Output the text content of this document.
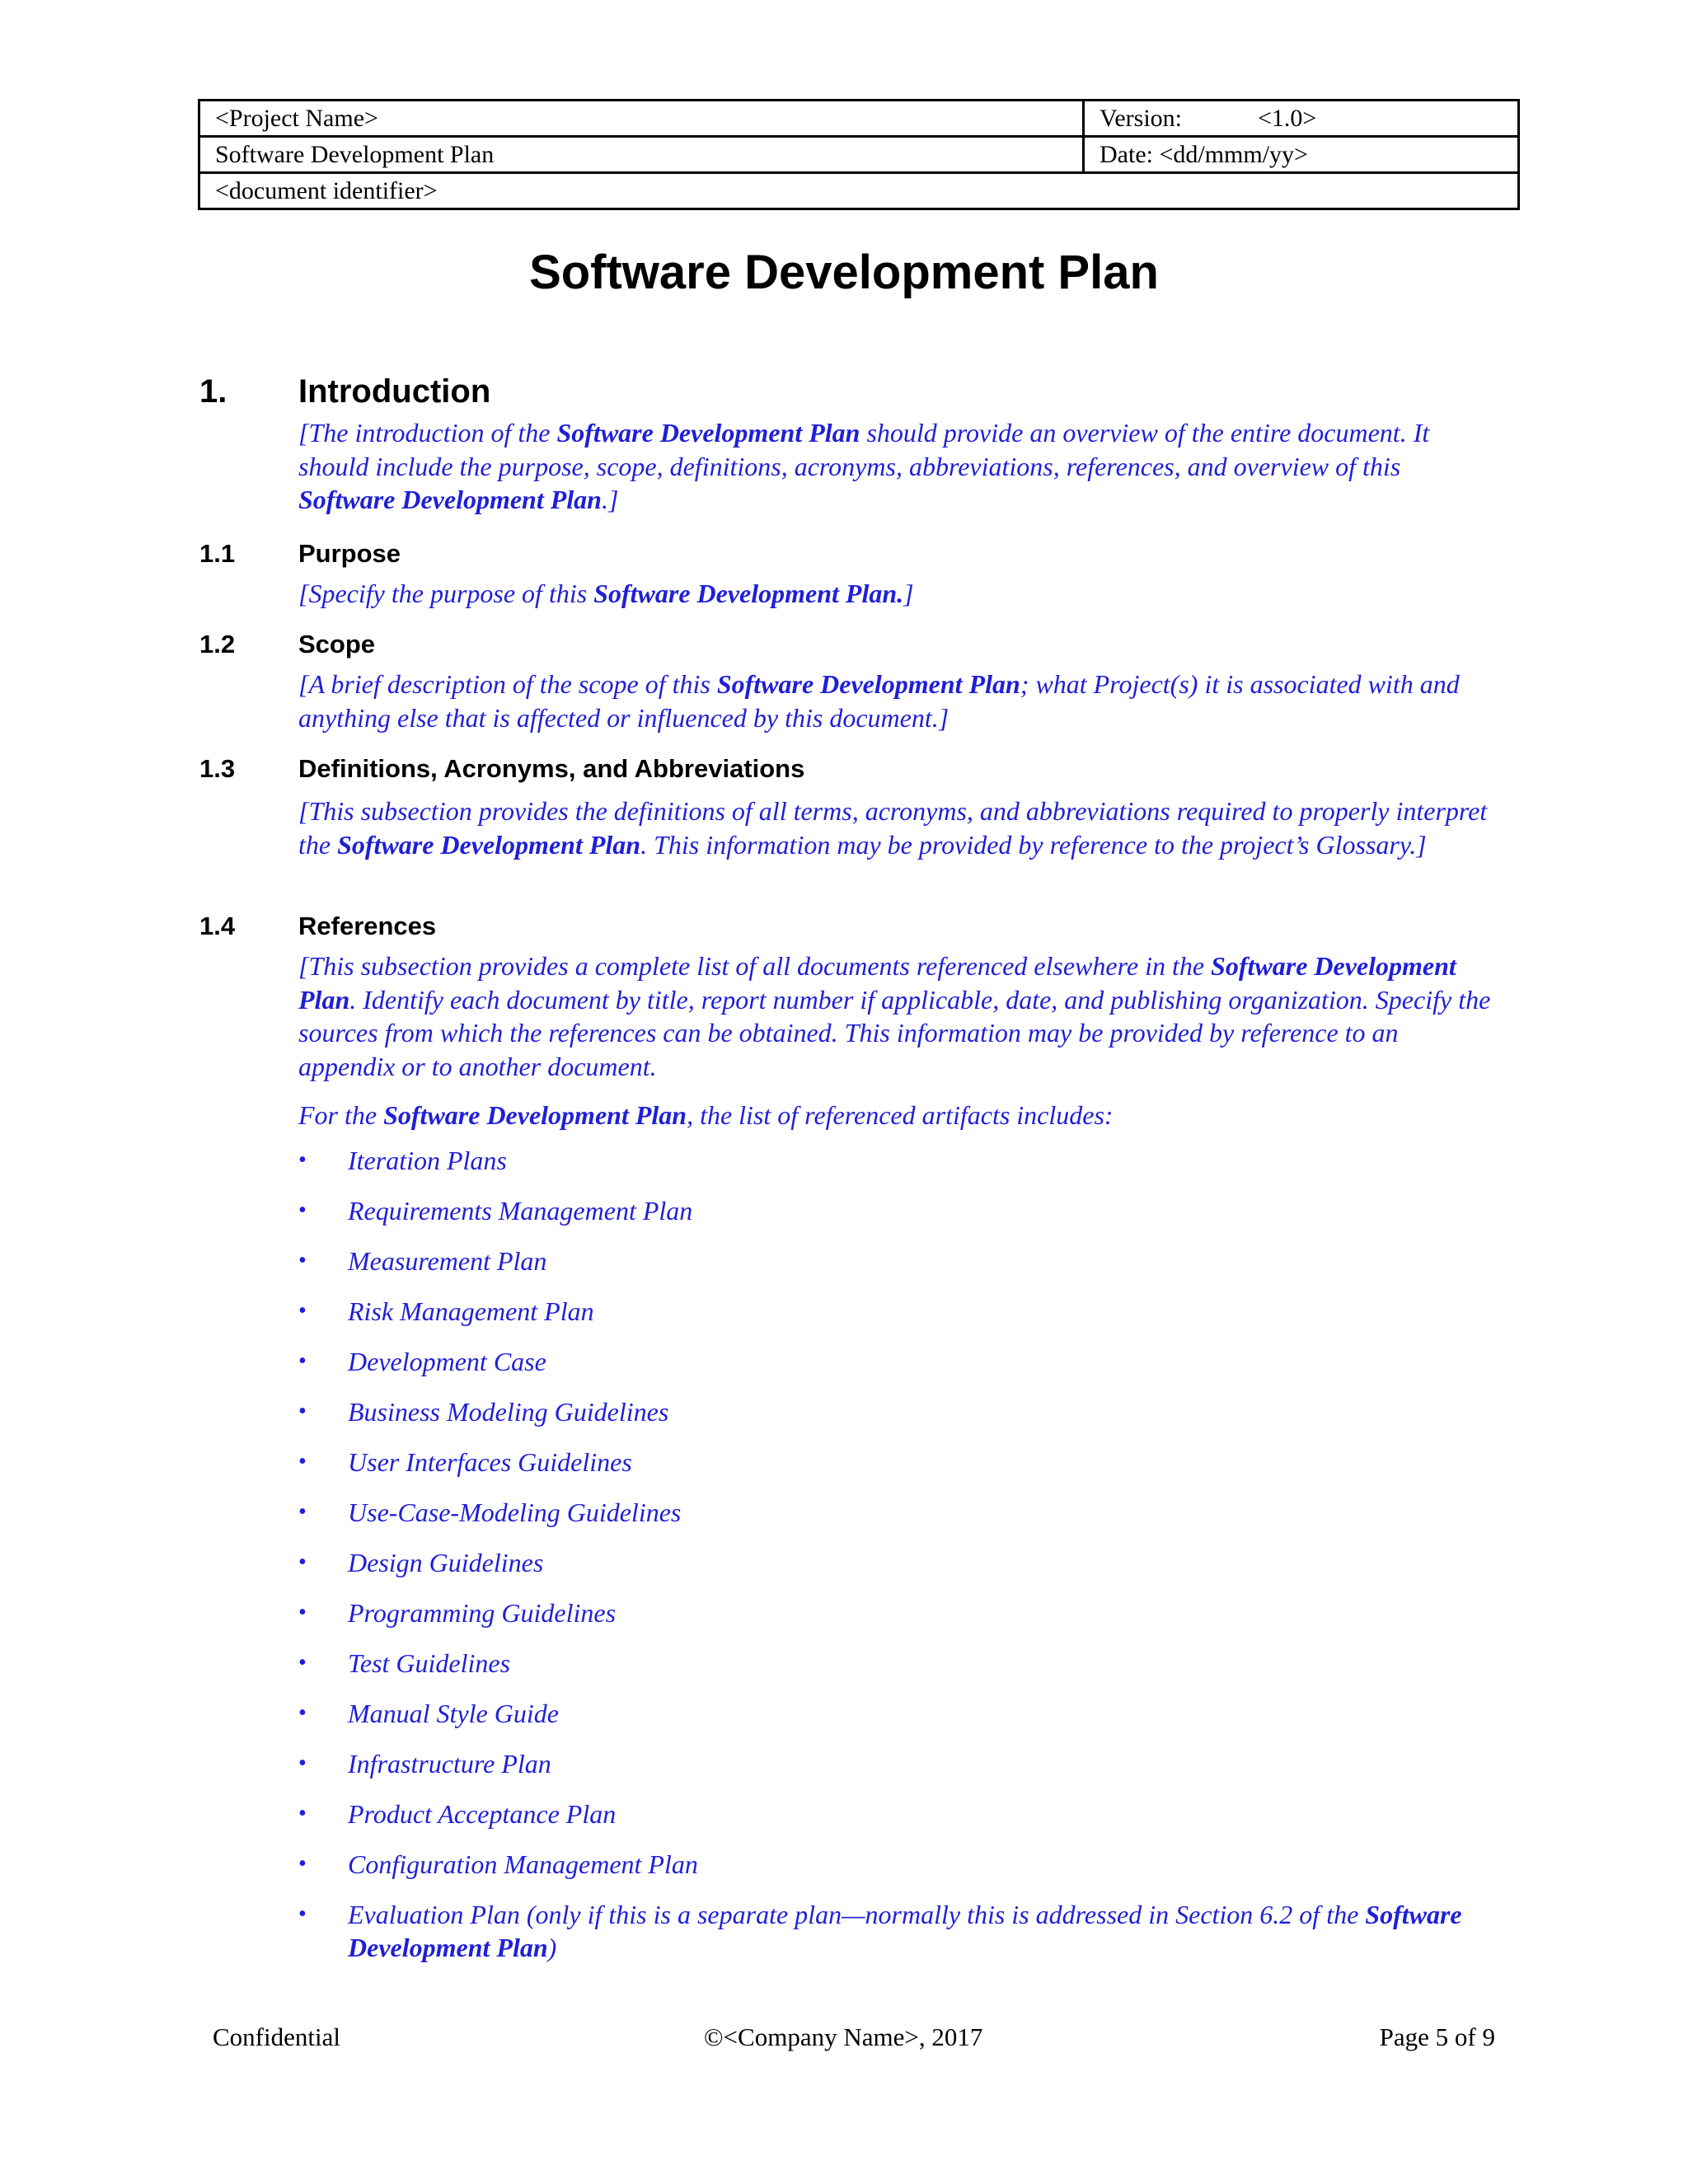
<Project Name>	Version: <1.0>
Software Development Plan	Date: <dd/mmm/yy>
<document identifier>	
Software Development Plan
1. Introduction
[The introduction of the Software Development Plan should provide an overview of the entire document. It should include the purpose, scope, definitions, acronyms, abbreviations, references, and overview of this Software Development Plan.]
1.1 Purpose
[Specify the purpose of this Software Development Plan.]
1.2 Scope
[A brief description of the scope of this Software Development Plan; what Project(s) it is associated with and anything else that is affected or influenced by this document.]
1.3 Definitions, Acronyms, and Abbreviations
[This subsection provides the definitions of all terms, acronyms, and abbreviations required to properly interpret the Software Development Plan. This information may be provided by reference to the project’s Glossary.]
1.4 References
[This subsection provides a complete list of all documents referenced elsewhere in the Software Development Plan. Identify each document by title, report number if applicable, date, and publishing organization. Specify the sources from which the references can be obtained. This information may be provided by reference to an appendix or to another document.
For the Software Development Plan, the list of referenced artifacts includes:
• Iteration Plans
• Requirements Management Plan
• Measurement Plan
• Risk Management Plan
• Development Case
• Business Modeling Guidelines
• User Interfaces Guidelines
• Use-Case-Modeling Guidelines
• Design Guidelines
• Programming Guidelines
• Test Guidelines
• Manual Style Guide
• Infrastructure Plan
• Product Acceptance Plan
• Configuration Management Plan
• Evaluation Plan (only if this is a separate plan—normally this is addressed in Section 6.2 of the Software Development Plan)
Confidential	©<Company Name>, 2017	Page 5 of 9
